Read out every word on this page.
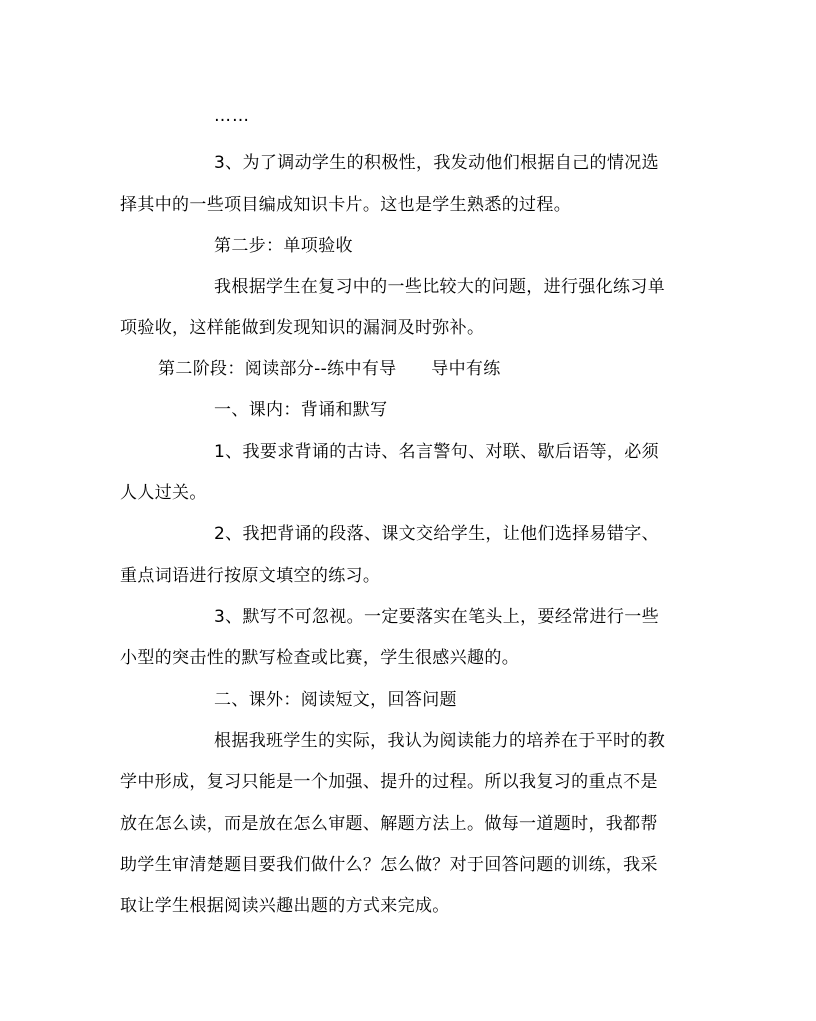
……
3、为了调动学生的积极性，我发动他们根据自己的情况选
择其中的一些项目编成知识卡片。这也是学生熟悉的过程。
第二步：单项验收
我根据学生在复习中的一些比较大的问题，进行强化练习单
项验收，这样能做到发现知识的漏洞及时弥补。
第二阶段：阅读部分--练中有导　　导中有练
一、课内：背诵和默写
1、我要求背诵的古诗、名言警句、对联、歇后语等，必须
人人过关。
2、我把背诵的段落、课文交给学生，让他们选择易错字、
重点词语进行按原文填空的练习。
3、默写不可忽视。一定要落实在笔头上，要经常进行一些
小型的突击性的默写检查或比赛，学生很感兴趣的。
二、课外：阅读短文，回答问题
根据我班学生的实际，我认为阅读能力的培养在于平时的教
学中形成，复习只能是一个加强、提升的过程。所以我复习的重点不是
放在怎么读，而是放在怎么审题、解题方法上。做每一道题时，我都帮
助学生审清楚题目要我们做什么？怎么做？对于回答问题的训练，我采
取让学生根据阅读兴趣出题的方式来完成。
